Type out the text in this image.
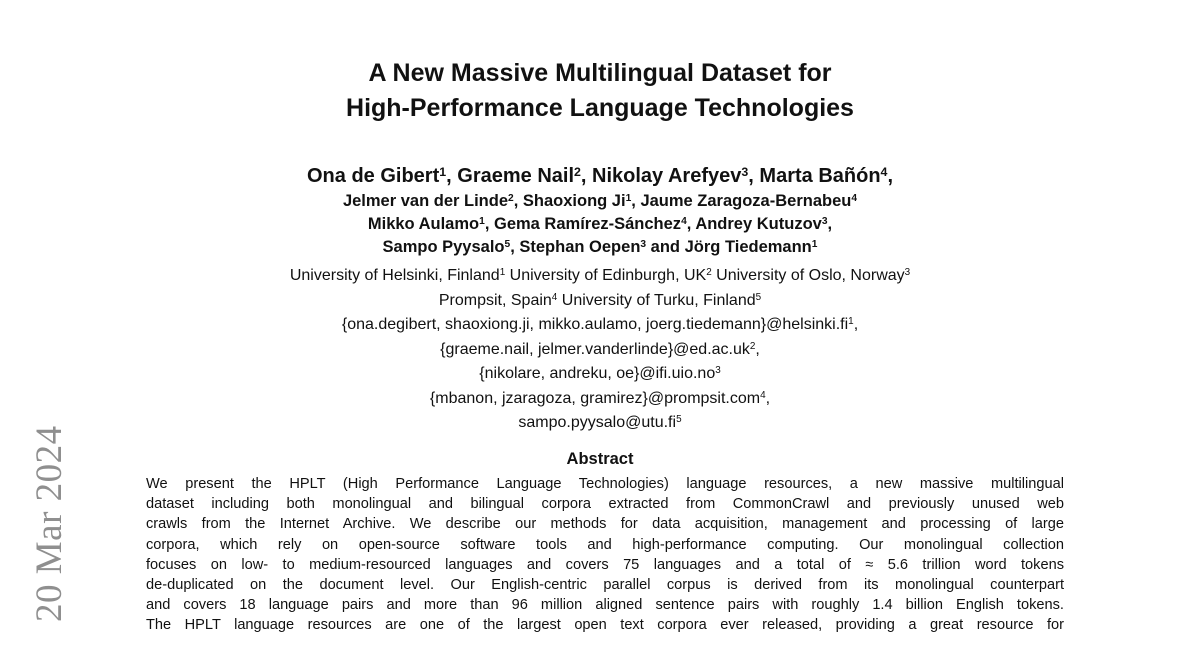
20 Mar 2024
A New Massive Multilingual Dataset for
High-Performance Language Technologies
Ona de Gibert$^1$, Graeme Nail$^2$, Nikolay Arefyev$^3$, Marta Bañón$^4$,
Jelmer van der Linde$^2$, Shaoxiong Ji$^1$, Jaume Zaragoza-Bernabeu$^4$
Mikko Aulamo$^1$, Gema Ramírez-Sánchez$^4$, Andrey Kutuzov$^3$,
Sampo Pyysalo$^5$, Stephan Oepen$^3$ and Jörg Tiedemann$^1$
University of Helsinki, Finland$^1$ University of Edinburgh, $UK^2$ University of Oslo, Norway$^3$
Prompsit, Spain$^4$ University of Turku, Finland$^5$
{ona.degibert, shaoxiong.ji, mikko.aulamo, $joerg.tiedemann\}@helsinki.fi^1$,
{graeme.nail, $jelmer.vanderlinde\}@ed.ac.uk^2$,
{nikolare, andreku, $oe\}@ifi.uio.no^3$
{mbanon, jzaragoza, gramirez}@prompsit.com$^4$,
$sampo.pyysalo@utu.fi^5$
Abstract
We present the HPLT (High Performance Language Technologies) language resources, a new massive multilingual
dataset including both monolingual and bilingual corpora extracted from CommonCrawl and previously unused web
crawls from the Internet Archive. We describe our methods for data acquisition, management and processing of large
corpora, which rely on open-source software tools and high-performance computing. Our monolingual collection
focuses on low- to medium-resourced languages and covers 75 languages and a total of ≈ 5.6 trillion word tokens
de-duplicated on the document level. Our English-centric parallel corpus is derived from its monolingual counterpart
and covers 18 language pairs and more than 96 million aligned sentence pairs with roughly 1.4 billion English tokens.
The HPLT language resources are one of the largest open text corpora ever released, providing a great resource for
